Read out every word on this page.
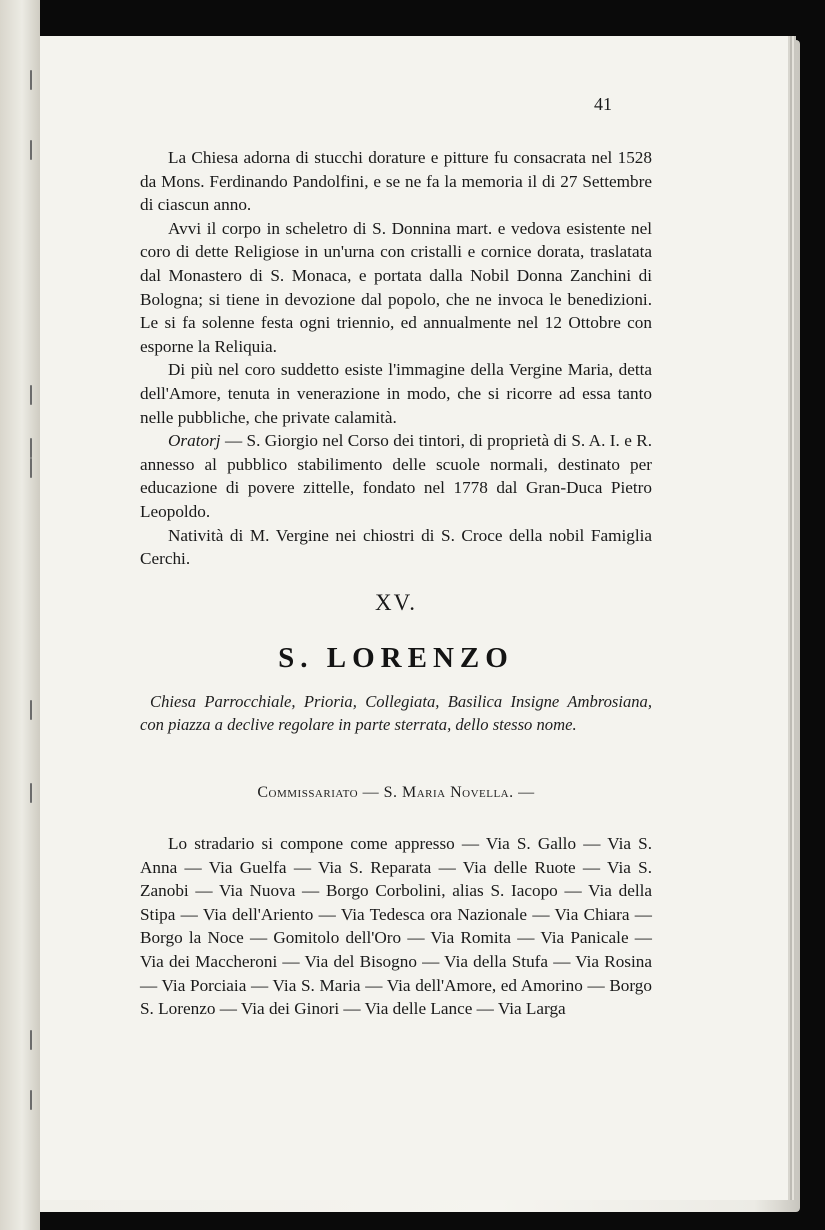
41

La Chiesa adorna di stucchi dorature e pitture fu consacrata nel 1528 da Mons. Ferdinando Pandolfini, e se ne fa la memoria il di 27 Settembre di ciascun anno.

Avvi il corpo in scheletro di S. Donnina mart. e vedova esistente nel coro di dette Religiose in un'urna con cristalli e cornice dorata, traslatata dal Monastero di S. Monaca, e portata dalla Nobil Donna Zanchini di Bologna; si tiene in devozione dal popolo, che ne invoca le benedizioni. Le si fa solenne festa ogni triennio, ed annualmente nel 12 Ottobre con esporne la Reliquia.

Di più nel coro suddetto esiste l'immagine della Vergine Maria, detta dell'Amore, tenuta in venerazione in modo, che si ricorre ad essa tanto nelle pubbliche, che private calamità.

Oratorj — S. Giorgio nel Corso dei tintori, di proprietà di S. A. I. e R. annesso al pubblico stabilimento delle scuole normali, destinato per educazione di povere zittelle, fondato nel 1778 dal Gran-Duca Pietro Leopoldo.

Natività di M. Vergine nei chiostri di S. Croce della nobil Famiglia Cerchi.

XV.
S. LORENZO
Chiesa Parrocchiale, Prioria, Collegiata, Basilica Insigne Ambrosiana, con piazza a declive regolare in parte sterrata, dello stesso nome.
Commissariato — S. Maria Novella. —
Lo stradario si compone come appresso — Via S. Gallo — Via S. Anna — Via Guelfa — Via S. Reparata — Via delle Ruote — Via S. Zanobi — Via Nuova — Borgo Corbolini, alias S. Iacopo — Via della Stipa — Via dell'Ariento — Via Tedesca ora Nazionale — Via Chiara — Borgo la Noce — Gomitolo dell'Oro — Via Romita — Via Panicale — Via dei Maccheroni — Via del Bisogno — Via della Stufa — Via Rosina — Via Porciaia — Via S. Maria — Via dell'Amore, ed Amorino — Borgo S. Lorenzo — Via dei Ginori — Via delle Lance — Via Larga
